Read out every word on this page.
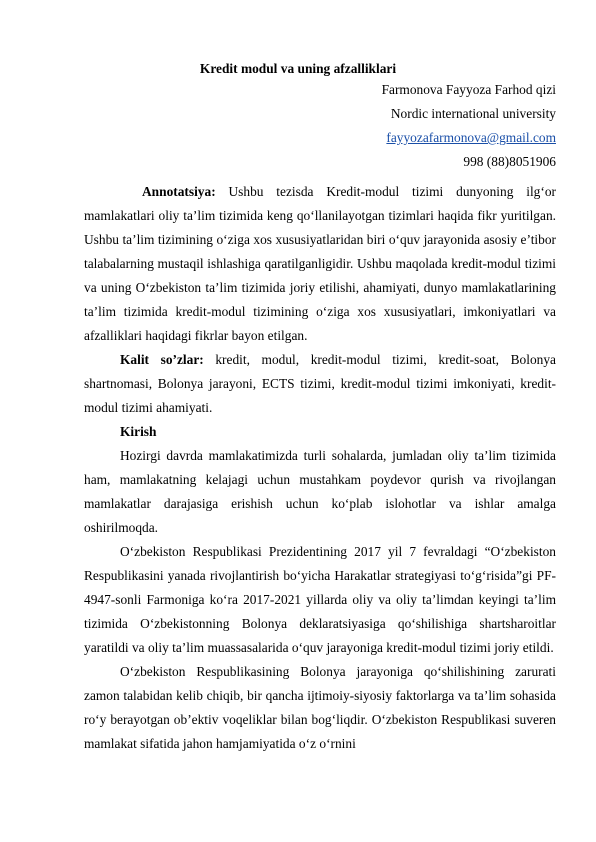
Kredit modul va uning afzalliklari
Farmonova Fayyoza Farhod qizi
Nordic international university
fayyozafarmonova@gmail.com
998 (88)8051906

Annotatsiya: Ushbu tezisda Kredit-modul tizimi dunyoning ilg‘or mamlakatlari oliy ta’lim tizimida keng qo‘llanilayotgan tizimlari haqida fikr yuritilgan. Ushbu ta’lim tizimining o‘ziga xos xususiyatlaridan biri o‘quv jarayonida asosiy e’tibor talabalarning mustaqil ishlashiga qaratilganligidir. Ushbu maqolada kredit-modul tizimi va uning O‘zbekiston ta’lim tizimida joriy etilishi, ahamiyati, dunyo mamlakatlarining ta’lim tizimida kredit-modul tizimining o‘ziga xos xususiyatlari, imkoniyatlari va afzalliklari haqidagi fikrlar bayon etilgan.

Kalit so’zlar: kredit, modul, kredit-modul tizimi, kredit-soat, Bolonya shartnomasi, Bolonya jarayoni, ECTS tizimi, kredit-modul tizimi imkoniyati, kredit-modul tizimi ahamiyati.

Kirish

Hozirgi davrda mamlakatimizda turli sohalarda, jumladan oliy ta’lim tizimida ham, mamlakatning kelajagi uchun mustahkam poydevor qurish va rivojlangan mamlakatlar darajasiga erishish uchun ko‘plab islohotlar va ishlar amalga oshirilmoqda.

O‘zbekiston Respublikasi Prezidentining 2017 yil 7 fevraldagi “O‘zbekiston Respublikasini yanada rivojlantirish bo‘yicha Harakatlar strategiyasi to‘g‘risida”gi PF-4947-sonli Farmoniga ko‘ra 2017-2021 yillarda oliy va oliy ta’limdan keyingi ta’lim tizimida O‘zbekistonning Bolonya deklaratsiyasiga qo‘shilishiga shartsharoitlar yaratildi va oliy ta’lim muassasalarida o‘quv jarayoniga kredit-modul tizimi joriy etildi.

O‘zbekiston Respublikasining Bolonya jarayoniga qo‘shilishining zarurati zamon talabidan kelib chiqib, bir qancha ijtimoiy-siyosiy faktorlarga va ta’lim sohasida ro‘y berayotgan ob’ektiv voqeliklar bilan bog‘liqdir. O‘zbekiston Respublikasi suveren mamlakat sifatida jahon hamjamiyatida o‘z o‘rnini
